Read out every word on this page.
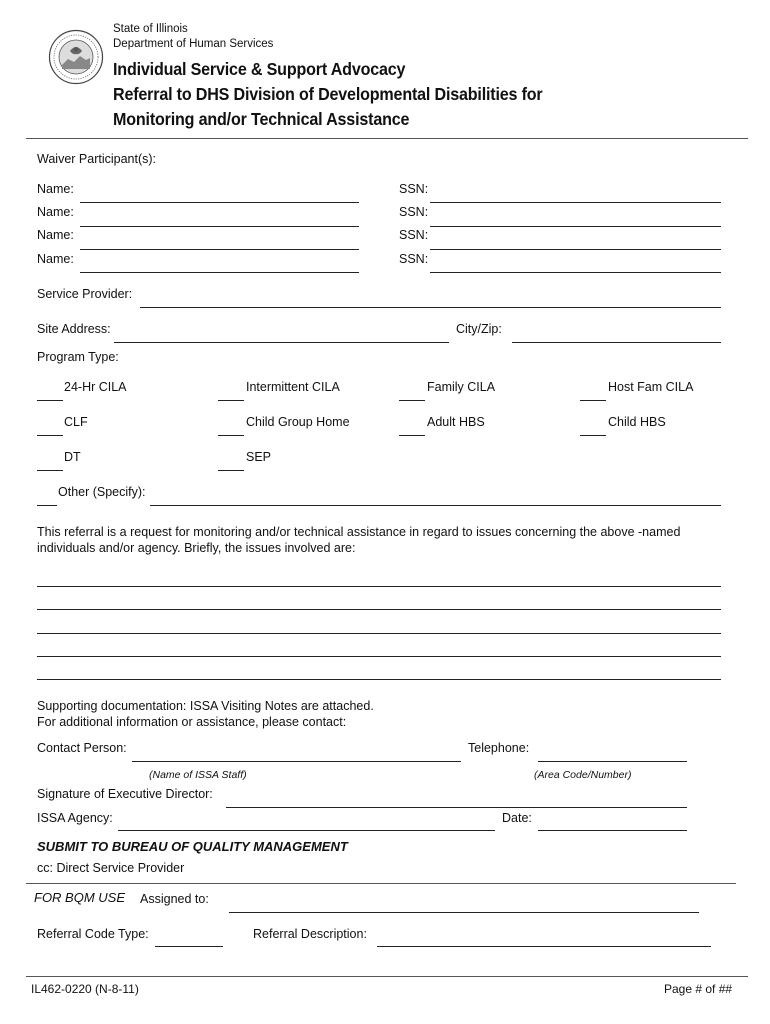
State of Illinois
Department of Human Services
Individual Service & Support Advocacy
Referral to DHS Division of Developmental Disabilities for
Monitoring and/or Technical Assistance
Waiver Participant(s):
Name:	SSN:
Name:	SSN:
Name:	SSN:
Name:	SSN:
Service Provider:
Site Address:	City/Zip:
Program Type:
24-Hr CILA	Intermittent CILA	Family CILA	Host Fam CILA
CLF	Child Group Home	Adult HBS	Child HBS
DT	SEP
Other (Specify):
This referral is a request for monitoring and/or technical assistance in regard to issues concerning the above -named
individuals and/or agency. Briefly, the issues involved are:
Supporting documentation: ISSA Visiting Notes are attached.
For additional information or assistance, please contact:
Contact Person:	Telephone:
(Name of ISSA Staff)	(Area Code/Number)
Signature of Executive Director:
ISSA Agency:	Date:
SUBMIT TO BUREAU OF QUALITY MANAGEMENT
cc: Direct Service Provider
FOR BQM USE Assigned to:
Referral Code Type:	Referral Description:
IL462-0220 (N-8-11)	Page # of ##
